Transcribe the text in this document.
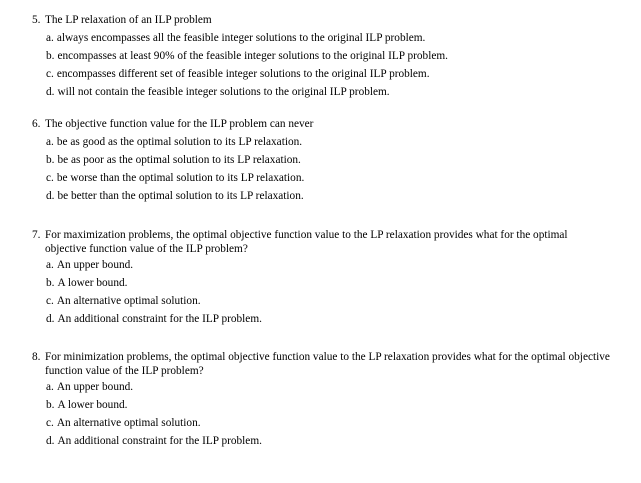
5. The LP relaxation of an ILP problem

a. always encompasses all the feasible integer solutions to the original ILP problem.
b. encompasses at least 90% of the feasible integer solutions to the original ILP problem.
c. encompasses different set of feasible integer solutions to the original ILP problem.
d. will not contain the feasible integer solutions to the original ILP problem.

6. The objective function value for the ILP problem can never

a. be as good as the optimal solution to its LP relaxation.
b. be as poor as the optimal solution to its LP relaxation.
c. be worse than the optimal solution to its LP relaxation.
d. be better than the optimal solution to its LP relaxation.

7. For maximization problems, the optimal objective function value to the LP relaxation provides what for the optimal objective function value of the ILP problem?

a. An upper bound.
b. A lower bound.
c. An alternative optimal solution.
d. An additional constraint for the ILP problem.

8. For minimization problems, the optimal objective function value to the LP relaxation provides what for the optimal objective function value of the ILP problem?

a. An upper bound.
b. A lower bound.
c. An alternative optimal solution.
d. An additional constraint for the ILP problem.
